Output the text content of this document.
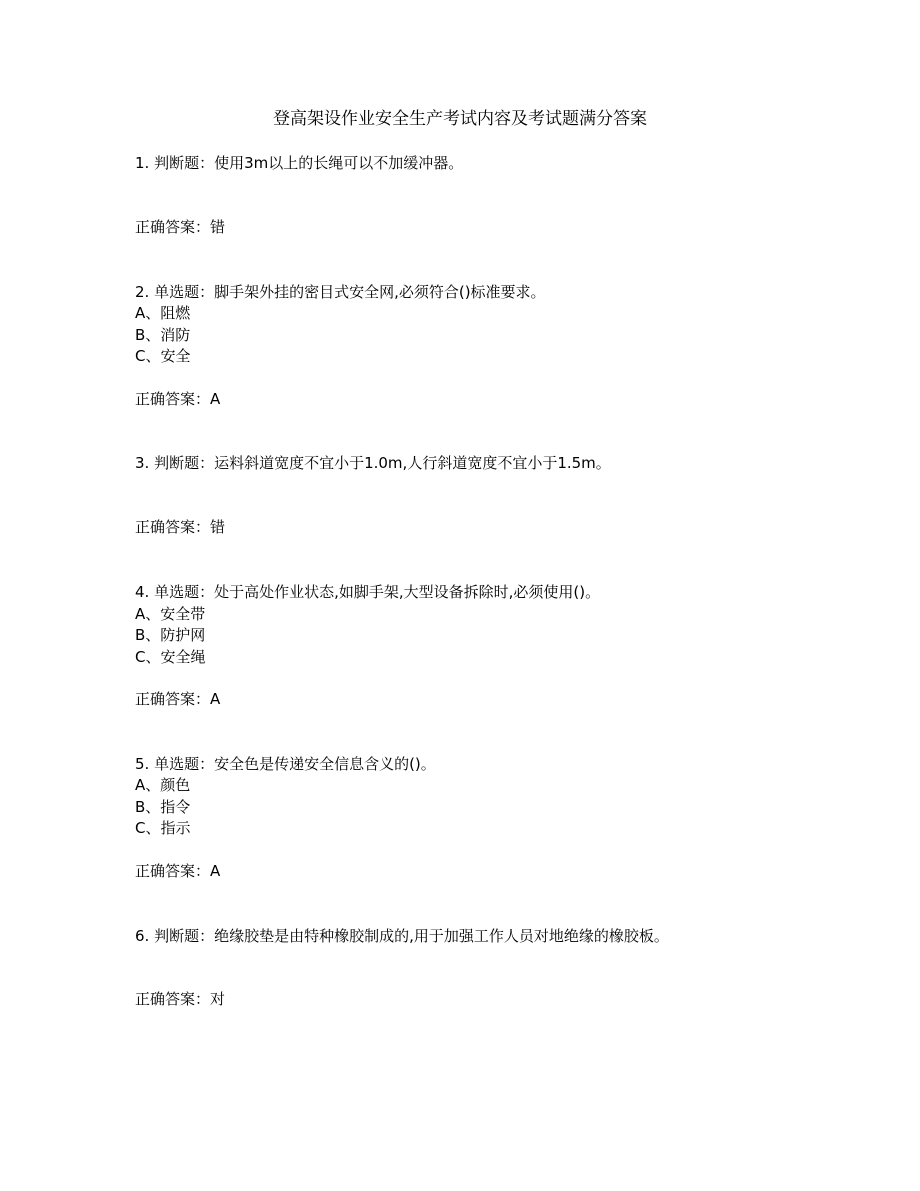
登高架设作业安全生产考试内容及考试题满分答案
1. 判断题：使用3m以上的长绳可以不加缓冲器。
正确答案：错
2. 单选题：脚手架外挂的密目式安全网,必须符合()标准要求。
A、阻燃
B、消防
C、安全
正确答案：A
3. 判断题：运料斜道宽度不宜小于1.0m,人行斜道宽度不宜小于1.5m。
正确答案：错
4. 单选题：处于高处作业状态,如脚手架,大型设备拆除时,必须使用()。
A、安全带
B、防护网
C、安全绳
正确答案：A
5. 单选题：安全色是传递安全信息含义的()。
A、颜色
B、指令
C、指示
正确答案：A
6. 判断题：绝缘胶垫是由特种橡胶制成的,用于加强工作人员对地绝缘的橡胶板。
正确答案：对
